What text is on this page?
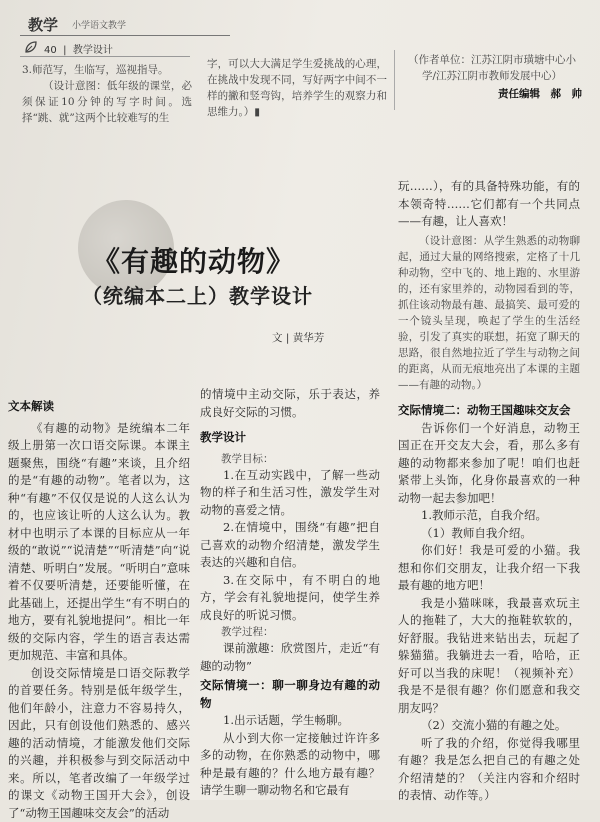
教学 小学语文教学
40  |  教学设计

3.师范写，生临写，巡视指导。

（设计意图：低年级的课堂，必须保证10分钟的写字时间。选择“跳、就”这两个比较难写的生

字，可以大大满足学生爱挑战的心理，在挑战中发现不同，写好两字中间不一样的撇和竖弯钩，培养学生的观察力和思维力。）▮

（作者单位：江苏江阴市璜塘中心小学/江苏江阴市教师发展中心）

责任编辑　郝　帅

《有趣的动物》
（统编本二上）教学设计
文 | 黄华芳

玩……），有的具备特殊功能，有的本领奇特……它们都有一个共同点——有趣，让人喜欢！

（设计意图：从学生熟悉的动物聊起，通过大量的网络搜索，定格了十几种动物，空中飞的、地上跑的、水里游的，还有家里养的，动物园看到的等，抓住该动物最有趣、最搞笑、最可爱的一个镜头呈现，唤起了学生的生活经验，引发了真实的联想，拓宽了聊天的思路，很自然地拉近了学生与动物之间的距离，从而无痕地亮出了本课的主题——有趣的动物。）

文本解读

《有趣的动物》是统编本二年级上册第一次口语交际课。本课主题聚焦，围绕“有趣”来谈，且介绍的是“有趣的动物”。笔者以为，这种“有趣”不仅仅是说的人这么认为的，也应该让听的人这么认为。教材中也明示了本课的目标应从一年级的“敢说”“说清楚”“听清楚”向“说清楚、听明白”发展。“听明白”意味着不仅要听清楚，还要能听懂，在此基础上，还提出学生“有不明白的地方，要有礼貌地提问”。相比一年级的交际内容，学生的语言表达需更加规范、丰富和具体。

创设交际情境是口语交际教学的首要任务。特别是低年级学生，他们年龄小，注意力不容易持久，因此，只有创设他们熟悉的、感兴趣的活动情境，才能激发他们交际的兴趣，并积极参与到交际活动中来。所以，笔者改编了一年级学过的课文《动物王国开大会》，创设了“动物王国趣味交友会”的活动

的情境中主动交际，乐于表达，养成良好交际的习惯。

教学设计

教学目标：

1.在互动实践中，了解一些动物的样子和生活习性，激发学生对动物的喜爱之情。

2.在情境中，围绕“有趣”把自己喜欢的动物介绍清楚，激发学生表达的兴趣和自信。

3.在交际中，有不明白的地方，学会有礼貌地提问，使学生养成良好的听说习惯。

教学过程：

课前激趣：欣赏图片，走近“有趣的动物”

交际情境一：聊一聊身边有趣的动物

1.出示话题，学生畅聊。

从小到大你一定接触过许许多多的动物，在你熟悉的动物中，哪种是最有趣的？什么地方最有趣？请学生聊一聊动物名和它最有

交际情境二：动物王国趣味交友会

告诉你们一个好消息，动物王国正在开交友大会，看，那么多有趣的动物都来参加了呢！咱们也赶紧带上头饰，化身你最喜欢的一种动物一起去参加吧！

1.教师示范，自我介绍。

（1）教师自我介绍。

你们好！我是可爱的小猫。我想和你们交朋友，让我介绍一下我最有趣的地方吧！

我是小猫咪咪，我最喜欢玩主人的拖鞋了，大大的拖鞋软软的，好舒服。我钻进来钻出去，玩起了躲猫猫。我躺进去一看，哈哈，正好可以当我的床呢！（视频补充）我是不是很有趣？你们愿意和我交朋友吗？

（2）交流小猫的有趣之处。

听了我的介绍，你觉得我哪里有趣？我是怎么把自己的有趣之处介绍清楚的？（关注内容和介绍时的表情、动作等。）
